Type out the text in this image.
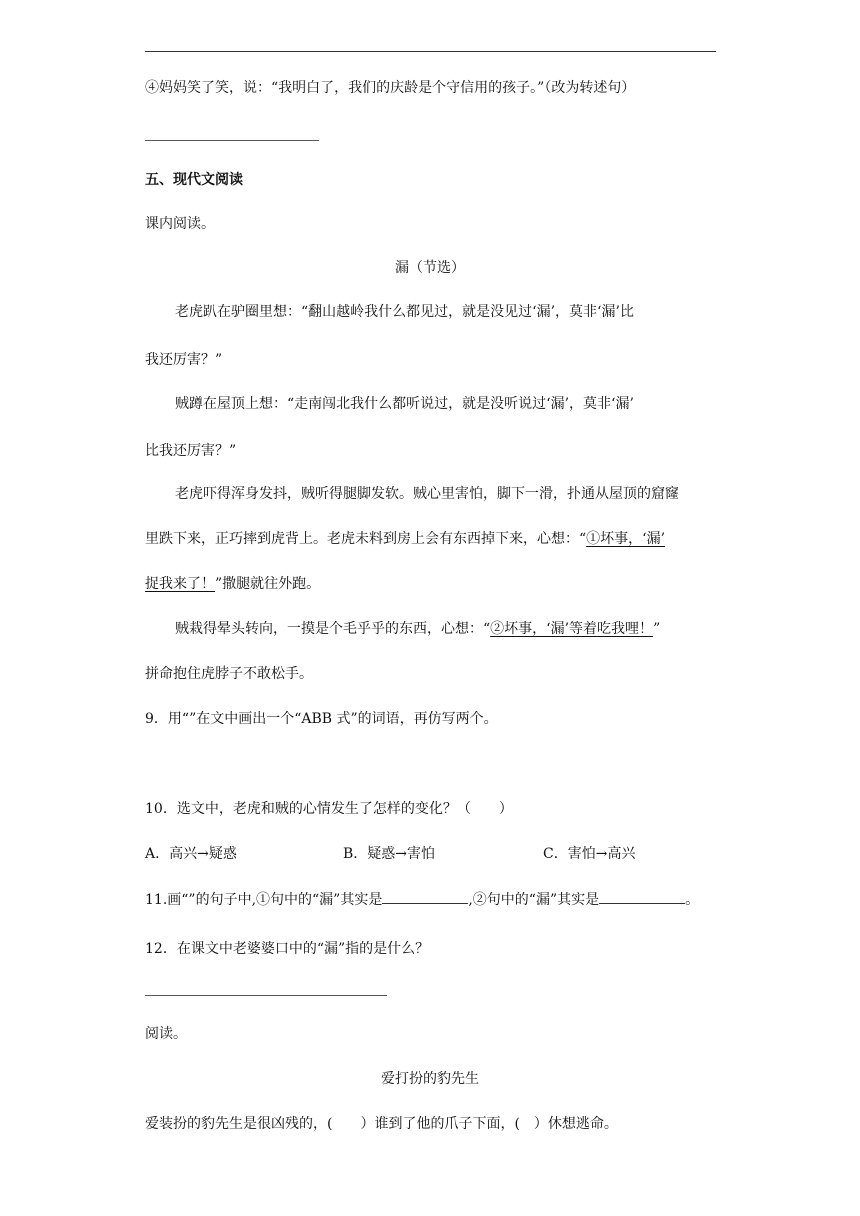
④妈妈笑了笑，说：“我明白了，我们的庆龄是个守信用的孩子。”（改为转述句）
五、现代文阅读
课内阅读。
漏（节选）
老虎趴在驴圈里想：“翻山越岭我什么都见过，就是没见过‘漏’，莫非‘漏’比
我还厉害？”
贼蹲在屋顶上想：“走南闯北我什么都听说过，就是没听说过‘漏’，莫非‘漏’
比我还厉害？”
老虎吓得浑身发抖，贼听得腿脚发软。贼心里害怕，脚下一滑，扑通从屋顶的窟窿
里跌下来，正巧摔到虎背上。老虎未料到房上会有东西掉下来，心想：“①坏事，‘漏’
捉我来了！”撒腿就往外跑。
贼栽得晕头转向，一摸是个毛乎乎的东西，心想：“②坏事，‘漏’等着吃我哩！”
拼命抱住虎脖子不敢松手。
9．用“”在文中画出一个“ABB 式”的词语，再仿写两个。
10．选文中，老虎和贼的心情发生了怎样的变化？（　　）
A．高兴→疑惑	B．疑惑→害怕	C．害怕→高兴
11.画“”的句子中,①句中的“漏”其实是	,②句中的“漏”其实是	。
12．在课文中老婆婆口中的“漏”指的是什么？
阅读。
爱打扮的豹先生
爱装扮的豹先生是很凶残的，(　　）谁到了他的爪子下面，(　）休想逃命。
